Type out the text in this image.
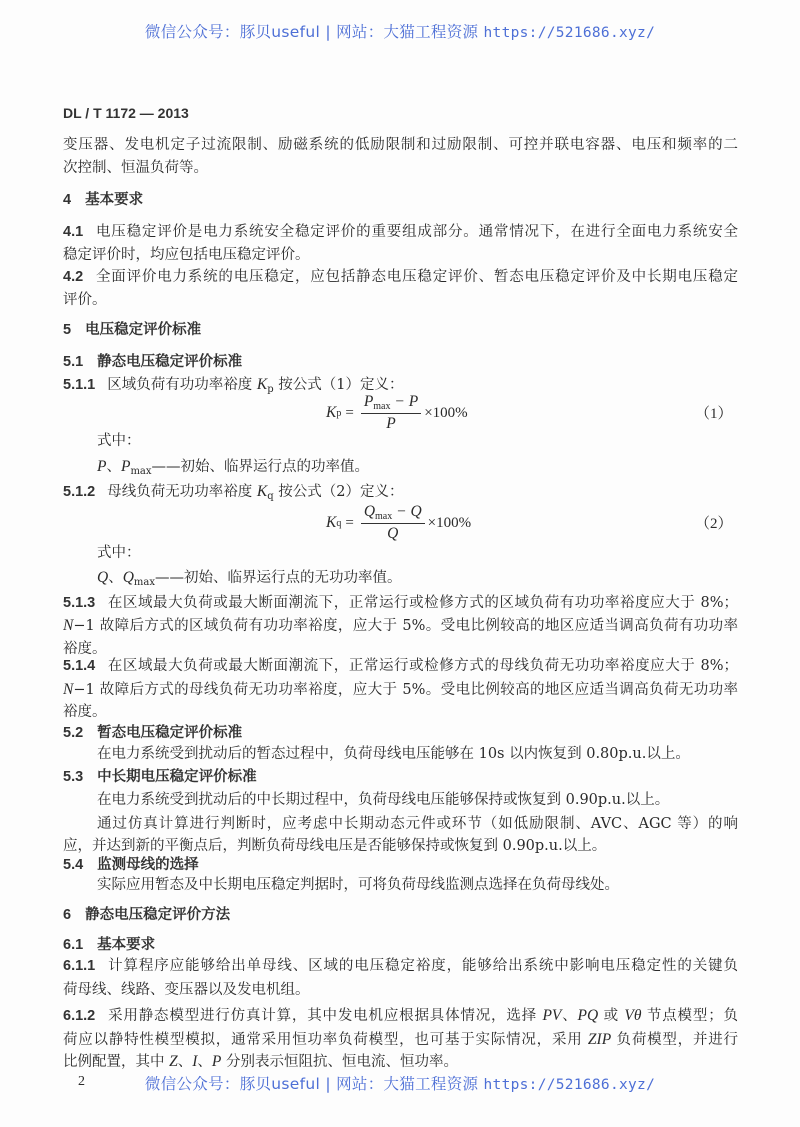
微信公众号：豚贝useful | 网站：大猫工程资源 https://521686.xyz/
DL / T 1172 — 2013
变压器、发电机定子过流限制、励磁系统的低励限制和过励限制、可控并联电容器、电压和频率的二
次控制、恒温负荷等。
4 基本要求
4.1 电压稳定评价是电力系统安全稳定评价的重要组成部分。通常情况下，在进行全面电力系统安全
稳定评价时，均应包括电压稳定评价。
4.2 全面评价电力系统的电压稳定，应包括静态电压稳定评价、暂态电压稳定评价及中长期电压稳定
评价。
5 电压稳定评价标准
5.1 静态电压稳定评价标准
5.1.1 区域负荷有功功率裕度 $K_p$ 按公式（1）定义：
K $p = \frac{P_{max} - P}{P} \times 100\%$	（1）
式中：
P、$P_{max}——$初始、临界运行点的功率值。
5.1.2 母线负荷无功功率裕度 $K_q$ 按公式（2）定义：
K $q = \frac{Q_{max} - Q}{Q} \times 100\%$	（2）
式中：
Q、$Q_{max}——$初始、临界运行点的无功功率值。
5.1.3 在区域最大负荷或最大断面潮流下，正常运行或检修方式的区域负荷有功功率裕度应大于 8%；
N−1 故障后方式的区域负荷有功功率裕度，应大于 5%。受电比例较高的地区应适当调高负荷有功功率
裕度。
5.1.4 在区域最大负荷或最大断面潮流下，正常运行或检修方式的母线负荷无功功率裕度应大于 8%；
N−1 故障后方式的母线负荷无功功率裕度，应大于 5%。受电比例较高的地区应适当调高负荷无功功率
裕度。
5.2 暂态电压稳定评价标准
在电力系统受到扰动后的暂态过程中，负荷母线电压能够在 10s 以内恢复到 0.80p.u.以上。
5.3 中长期电压稳定评价标准
在电力系统受到扰动后的中长期过程中，负荷母线电压能够保持或恢复到 0.90p.u.以上。
通过仿真计算进行判断时，应考虑中长期动态元件或环节（如低励限制、AVC、AGC 等）的响
应，并达到新的平衡点后，判断负荷母线电压是否能够保持或恢复到 0.90p.u.以上。
5.4 监测母线的选择
实际应用暂态及中长期电压稳定判据时，可将负荷母线监测点选择在负荷母线处。
6 静态电压稳定评价方法
6.1 基本要求
6.1.1 计算程序应能够给出单母线、区域的电压稳定裕度，能够给出系统中影响电压稳定性的关键负
荷母线、线路、变压器以及发电机组。
6.1.2 采用静态模型进行仿真计算，其中发电机应根据具体情况，选择 PV、PQ 或 Vθ 节点模型；负
荷应以静特性模型模拟，通常采用恒功率负荷模型，也可基于实际情况，采用 ZIP 负荷模型，并进行
比例配置，其中 Z、I、P 分别表示恒阻抗、恒电流、恒功率。
2	微信公众号：豚贝useful | 网站：大猫工程资源 https://521686.xyz/
